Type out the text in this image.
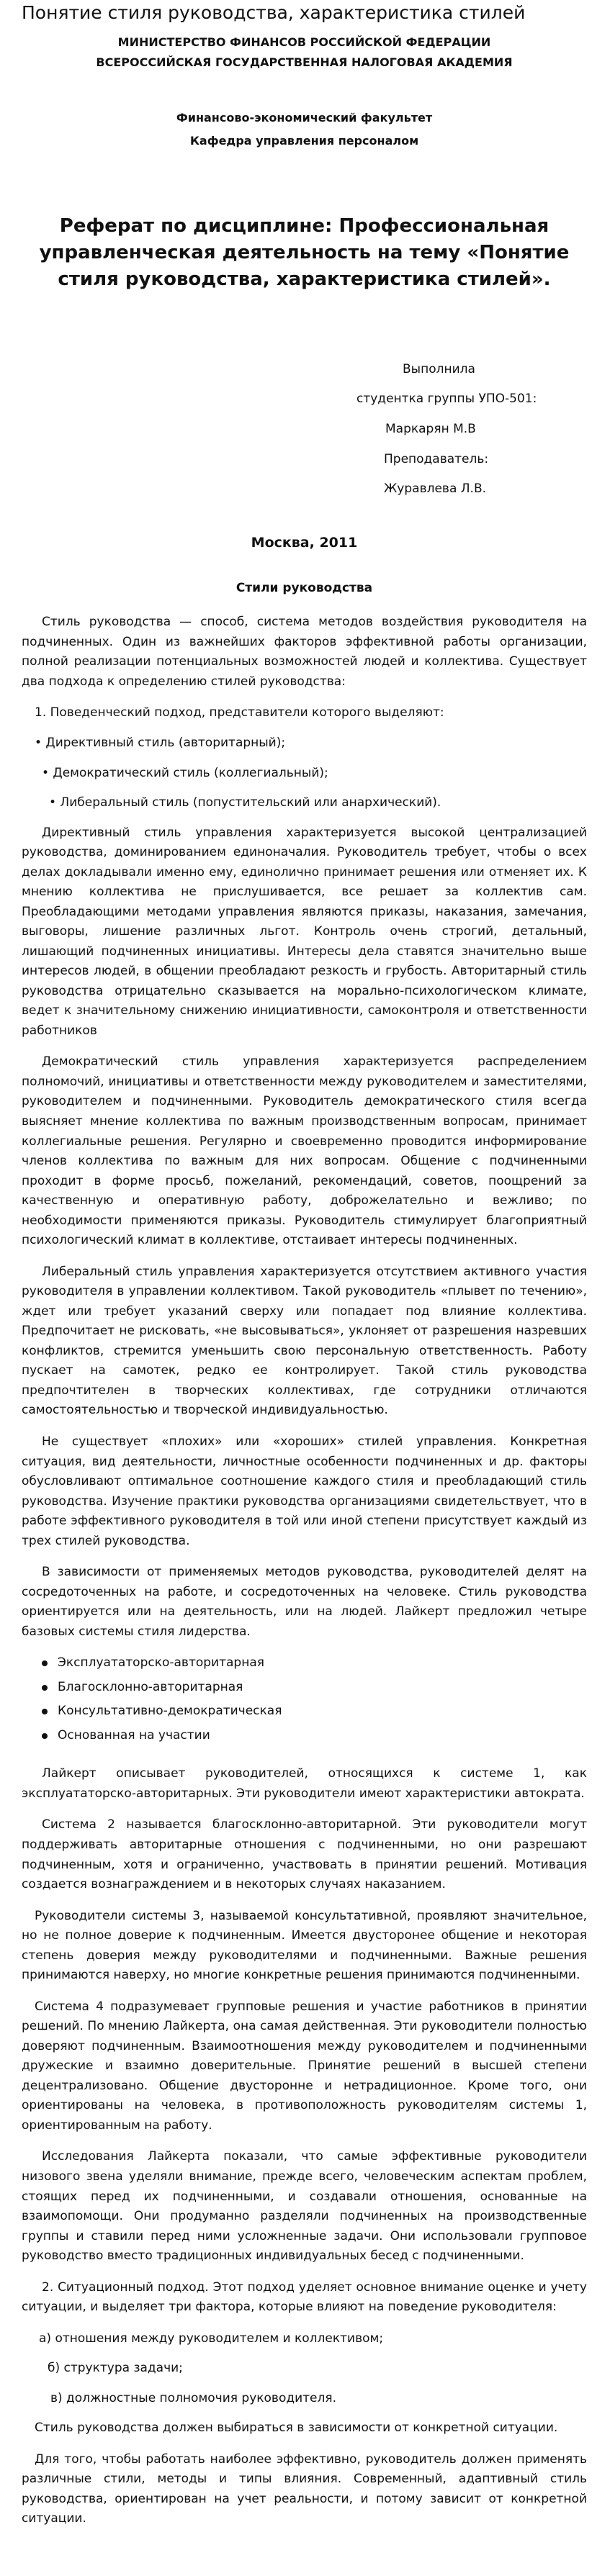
Понятие стиля руководства, характеристика стилей
МИНИСТЕРСТВО ФИНАНСОВ РОССИЙСКОЙ ФЕДЕРАЦИИ
ВСЕРОССИЙСКАЯ ГОСУДАРСТВЕННАЯ НАЛОГОВАЯ АКАДЕМИЯ
Финансово-экономический факультет
Кафедра управления персоналом
Реферат по дисциплине: Профессиональная управленческая деятельность на тему «Понятие стиля руководства, характеристика стилей».
Выполнила
студентка группы УПО-501:
Маркарян М.В
Преподаватель:
Журавлева Л.В.
Москва, 2011
Стили руководства

Стиль руководства — способ, система методов воздействия руководителя на подчиненных. Один из важнейших факторов эффективной работы организации, полной реализации потенциальных возможностей людей и коллектива. Существует два подхода к определению стилей руководства:

1. Поведенческий подход, представители которого выделяют:
• Директивный стиль (авторитарный);
• Демократический стиль (коллегиальный);
• Либеральный стиль (попустительский или анархический).

Директивный стиль управления характеризуется высокой централизацией руководства, доминированием единоначалия. Руководитель требует, чтобы о всех делах докладывали именно ему, единолично принимает решения или отменяет их. К мнению коллектива не прислушивается, все решает за коллектив сам. Преобладающими методами управления являются приказы, наказания, замечания, выговоры, лишение различных льгот. Контроль очень строгий, детальный, лишающий подчиненных инициативы. Интересы дела ставятся значительно выше интересов людей, в общении преобладают резкость и грубость. Авторитарный стиль руководства отрицательно сказывается на морально-психологическом климате, ведет к значительному снижению инициативности, самоконтроля и ответственности работников

Демократический стиль управления характеризуется распределением полномочий, инициативы и ответственности между руководителем и заместителями, руководителем и подчиненными. Руководитель демократического стиля всегда выясняет мнение коллектива по важным производственным вопросам, принимает коллегиальные решения. Регулярно и своевременно проводится информирование членов коллектива по важным для них вопросам. Общение с подчиненными проходит в форме просьб, пожеланий, рекомендаций, советов, поощрений за качественную и оперативную работу, доброжелательно и вежливо; по необходимости применяются приказы. Руководитель стимулирует благоприятный психологический климат в коллективе, отстаивает интересы подчиненных.

Либеральный стиль управления характеризуется отсутствием активного участия руководителя в управлении коллективом. Такой руководитель «плывет по течению», ждет или требует указаний сверху или попадает под влияние коллектива. Предпочитает не рисковать, «не высовываться», уклоняет от разрешения назревших конфликтов, стремится уменьшить свою персональную ответственность. Работу пускает на самотек, редко ее контролирует. Такой стиль руководства предпочтителен в творческих коллективах, где сотрудники отличаются самостоятельностью и творческой индивидуальностью.

Не существует «плохих» или «хороших» стилей управления. Конкретная ситуация, вид деятельности, личностные особенности подчиненных и др. факторы обусловливают оптимальное соотношение каждого стиля и преобладающий стиль руководства. Изучение практики руководства организациями свидетельствует, что в работе эффективного руководителя в той или иной степени присутствует каждый из трех стилей руководства.

В зависимости от применяемых методов руководства, руководителей делят на сосредоточенных на работе, и сосредоточенных на человеке. Стиль руководства ориентируется или на деятельность, или на людей. Лайкерт предложил четыре базовых системы стиля лидерства.

Эксплуататорско-авторитарная
Благосклонно-авторитарная
Консультативно-демократическая
Основанная на участии

Лайкерт описывает руководителей, относящихся к системе 1, как эксплуататорско-авторитарных. Эти руководители имеют характеристики автократа.

Система 2 называется благосклонно-авторитарной. Эти руководители могут поддерживать авторитарные отношения с подчиненными, но они разрешают подчиненным, хотя и ограниченно, участвовать в принятии решений. Мотивация создается вознаграждением и в некоторых случаях наказанием.

Руководители системы 3, называемой консультативной, проявляют значительное, но не полное доверие к подчиненным. Имеется двусторонее общение и некоторая степень доверия между руководителями и подчиненными. Важные решения принимаются наверху, но многие конкретные решения принимаются подчиненными.

Система 4 подразумевает групповые решения и участие работников в принятии решений. По мнению Лайкерта, она самая действенная. Эти руководители полностью доверяют подчиненным. Взаимоотношения между руководителем и подчиненными дружеские и взаимно доверительные. Принятие решений в высшей степени децентрализовано. Общение двусторонне и нетрадиционное. Кроме того, они ориентированы на человека, в противоположность руководителям системы 1, ориентированным на работу.

Исследования Лайкерта показали, что самые эффективные руководители низового звена уделяли внимание, прежде всего, человеческим аспектам проблем, стоящих перед их подчиненными, и создавали отношения, основанные на взаимопомощи. Они продуманно разделяли подчиненных на производственные группы и ставили перед ними усложненные задачи. Они использовали групповое руководство вместо традиционных индивидуальных бесед с подчиненными.

2. Ситуационный подход. Этот подход уделяет основное внимание оценке и учету ситуации, и выделяет три фактора, которые влияют на поведение руководителя:

а) отношения между руководителем и коллективом;
б) структура задачи;
в) должностные полномочия руководителя.

Стиль руководства должен выбираться в зависимости от конкретной ситуации.

Для того, чтобы работать наиболее эффективно, руководитель должен применять различные стили, методы и типы влияния. Современный, адаптивный стиль руководства, ориентирован на учет реальности, и потому зависит от конкретной ситуации.
